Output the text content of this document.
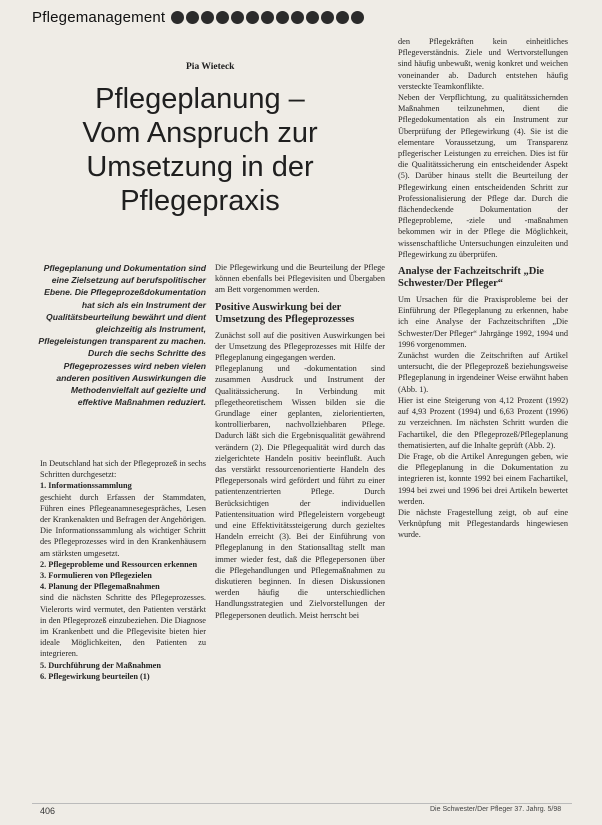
Pflegemanagement
Pia Wieteck
Pflegeplanung –
Vom Anspruch zur
Umsetzung in der
Pflegepraxis
Pflegeplanung und Dokumentation sind eine Zielsetzung auf berufspolitischer Ebene. Die Pflegeprozeßdokumentation hat sich als ein Instrument der Qualitätsbeurteilung bewährt und dient gleichzeitig als Instrument, Pflegeleistungen transparent zu machen. Durch die sechs Schritte des Pflegeprozesses wird neben vielen anderen positiven Auswirkungen die Methodenvielfalt auf gezielte und effektive Maßnahmen reduziert.

In Deutschland hat sich der Pflegeprozeß in sechs Schritten durchgesetzt:

1. Informationssammlung

geschieht durch Erfassen der Stammdaten, Führen eines Pflegeanamnesegespräches, Lesen der Krankenakten und Befragen der Angehörigen. Die Informationssammlung als wichtiger Schritt des Pflegeprozesses wird in den Krankenhäusern am stärksten umgesetzt.

2. Pflegeprobleme und Ressourcen erkennen

3. Formulieren von Pflegezielen

4. Planung der Pflegemaßnahmen

sind die nächsten Schritte des Pflegeprozesses. Vielerorts wird vermutet, den Patienten verstärkt in den Pflegeprozeß einzubeziehen. Die Diagnose im Krankenbett und die Pflegevisite bieten hier ideale Möglichkeiten, den Patienten zu integrieren.

5. Durchführung der Maßnahmen

6. Pflegewirkung beurteilen (1)

Die Pflegewirkung und die Beurteilung der Pflege können ebenfalls bei Pflegevisiten und Übergaben am Bett vorgenommen werden.

Positive Auswirkung bei der Umsetzung des Pflegeprozesses

Zunächst soll auf die positiven Auswirkungen bei der Umsetzung des Pflegeprozesses mit Hilfe der Pflegeplanung eingegangen werden.

Pflegeplanung und -dokumentation sind zusammen Ausdruck und Instrument der Qualitätssicherung. In Verbindung mit pflegetheoretischem Wissen bilden sie die Grundlage einer geplanten, zielorientierten, kontrollierbaren, nachvollziehbaren Pflege. Dadurch läßt sich die Ergebnisqualität gewährend verändern (2). Die Pflegequalität wird durch das zielgerichtete Handeln positiv beeinflußt. Auch das verstärkt ressourcenorientierte Handeln des Pflegepersonals wird gefördert und führt zu einer patientenzentrierten Pflege. Durch Berücksichtigen der individuellen Patientensituation wird Pflegeleistern vorgebeugt und eine Effektivitätssteigerung durch gezieltes Handeln erreicht (3). Bei der Einführung von Pflegeplanung in den Stationsalltag stellt man immer wieder fest, daß die Pflegepersonen über die Pflegehandlungen und Pflegemaßnahmen zu diskutieren beginnen. In diesen Diskussionen werden häufig die unterschiedlichen Handlungsstrategien und Zielvorstellungen der Pflegepersonen deutlich. Meist herrscht bei

den Pflegekräften kein einheitliches Pflegeverständnis. Ziele und Wertvorstellungen sind häufig unbewußt, wenig konkret und weichen voneinander ab. Dadurch entstehen häufig versteckte Teamkonflikte.

Neben der Verpflichtung, zu qualitätssichernden Maßnahmen teilzunehmen, dient die Pflegedokumentation als ein Instrument zur Überprüfung der Pflegewirkung (4). Sie ist die elementare Voraussetzung, um Transparenz pflegerischer Leistungen zu erreichen. Dies ist für die Qualitätssicherung ein entscheidender Aspekt (5). Darüber hinaus stellt die Beurteilung der Pflegewirkung einen entscheidenden Schritt zur Professionalisierung der Pflege dar. Durch die flächendeckende Dokumentation der Pflegeprobleme, -ziele und -maßnahmen bekommen wir in der Pflege die Möglichkeit, wissenschaftliche Untersuchungen einzuleiten und Pflegewirkung zu überprüfen.

Analyse der Fachzeitschrift „Die Schwester/Der Pfleger“

Um Ursachen für die Praxisprobleme bei der Einführung der Pflegeplanung zu erkennen, habe ich eine Analyse der Fachzeitschriften „Die Schwester/Der Pfleger“ Jahrgänge 1992, 1994 und 1996 vorgenommen.

Zunächst wurden die Zeitschriften auf Artikel untersucht, die der Pflegeprozeß beziehungsweise Pflegeplanung in irgendeiner Weise erwähnt haben (Abb. 1).

Hier ist eine Steigerung von 4,12 Prozent (1992) auf 4,93 Prozent (1994) und 6,63 Prozent (1996) zu verzeichnen. Im nächsten Schritt wurden die Fachartikel, die den Pflegeprozeß/Pflegeplanung thematisierten, auf die Inhalte geprüft (Abb. 2).

Die Frage, ob die Artikel Anregungen geben, wie die Pflegeplanung in die Dokumentation zu integrieren ist, konnte 1992 bei einem Fachartikel, 1994 bei zwei und 1996 bei drei Artikeln bewertet werden.

Die nächste Fragestellung zeigt, ob auf eine Verknüpfung mit Pflegestandards hingewiesen wurde.

406	Die Schwester/Der Pfleger 37. Jahrg. 5/98
